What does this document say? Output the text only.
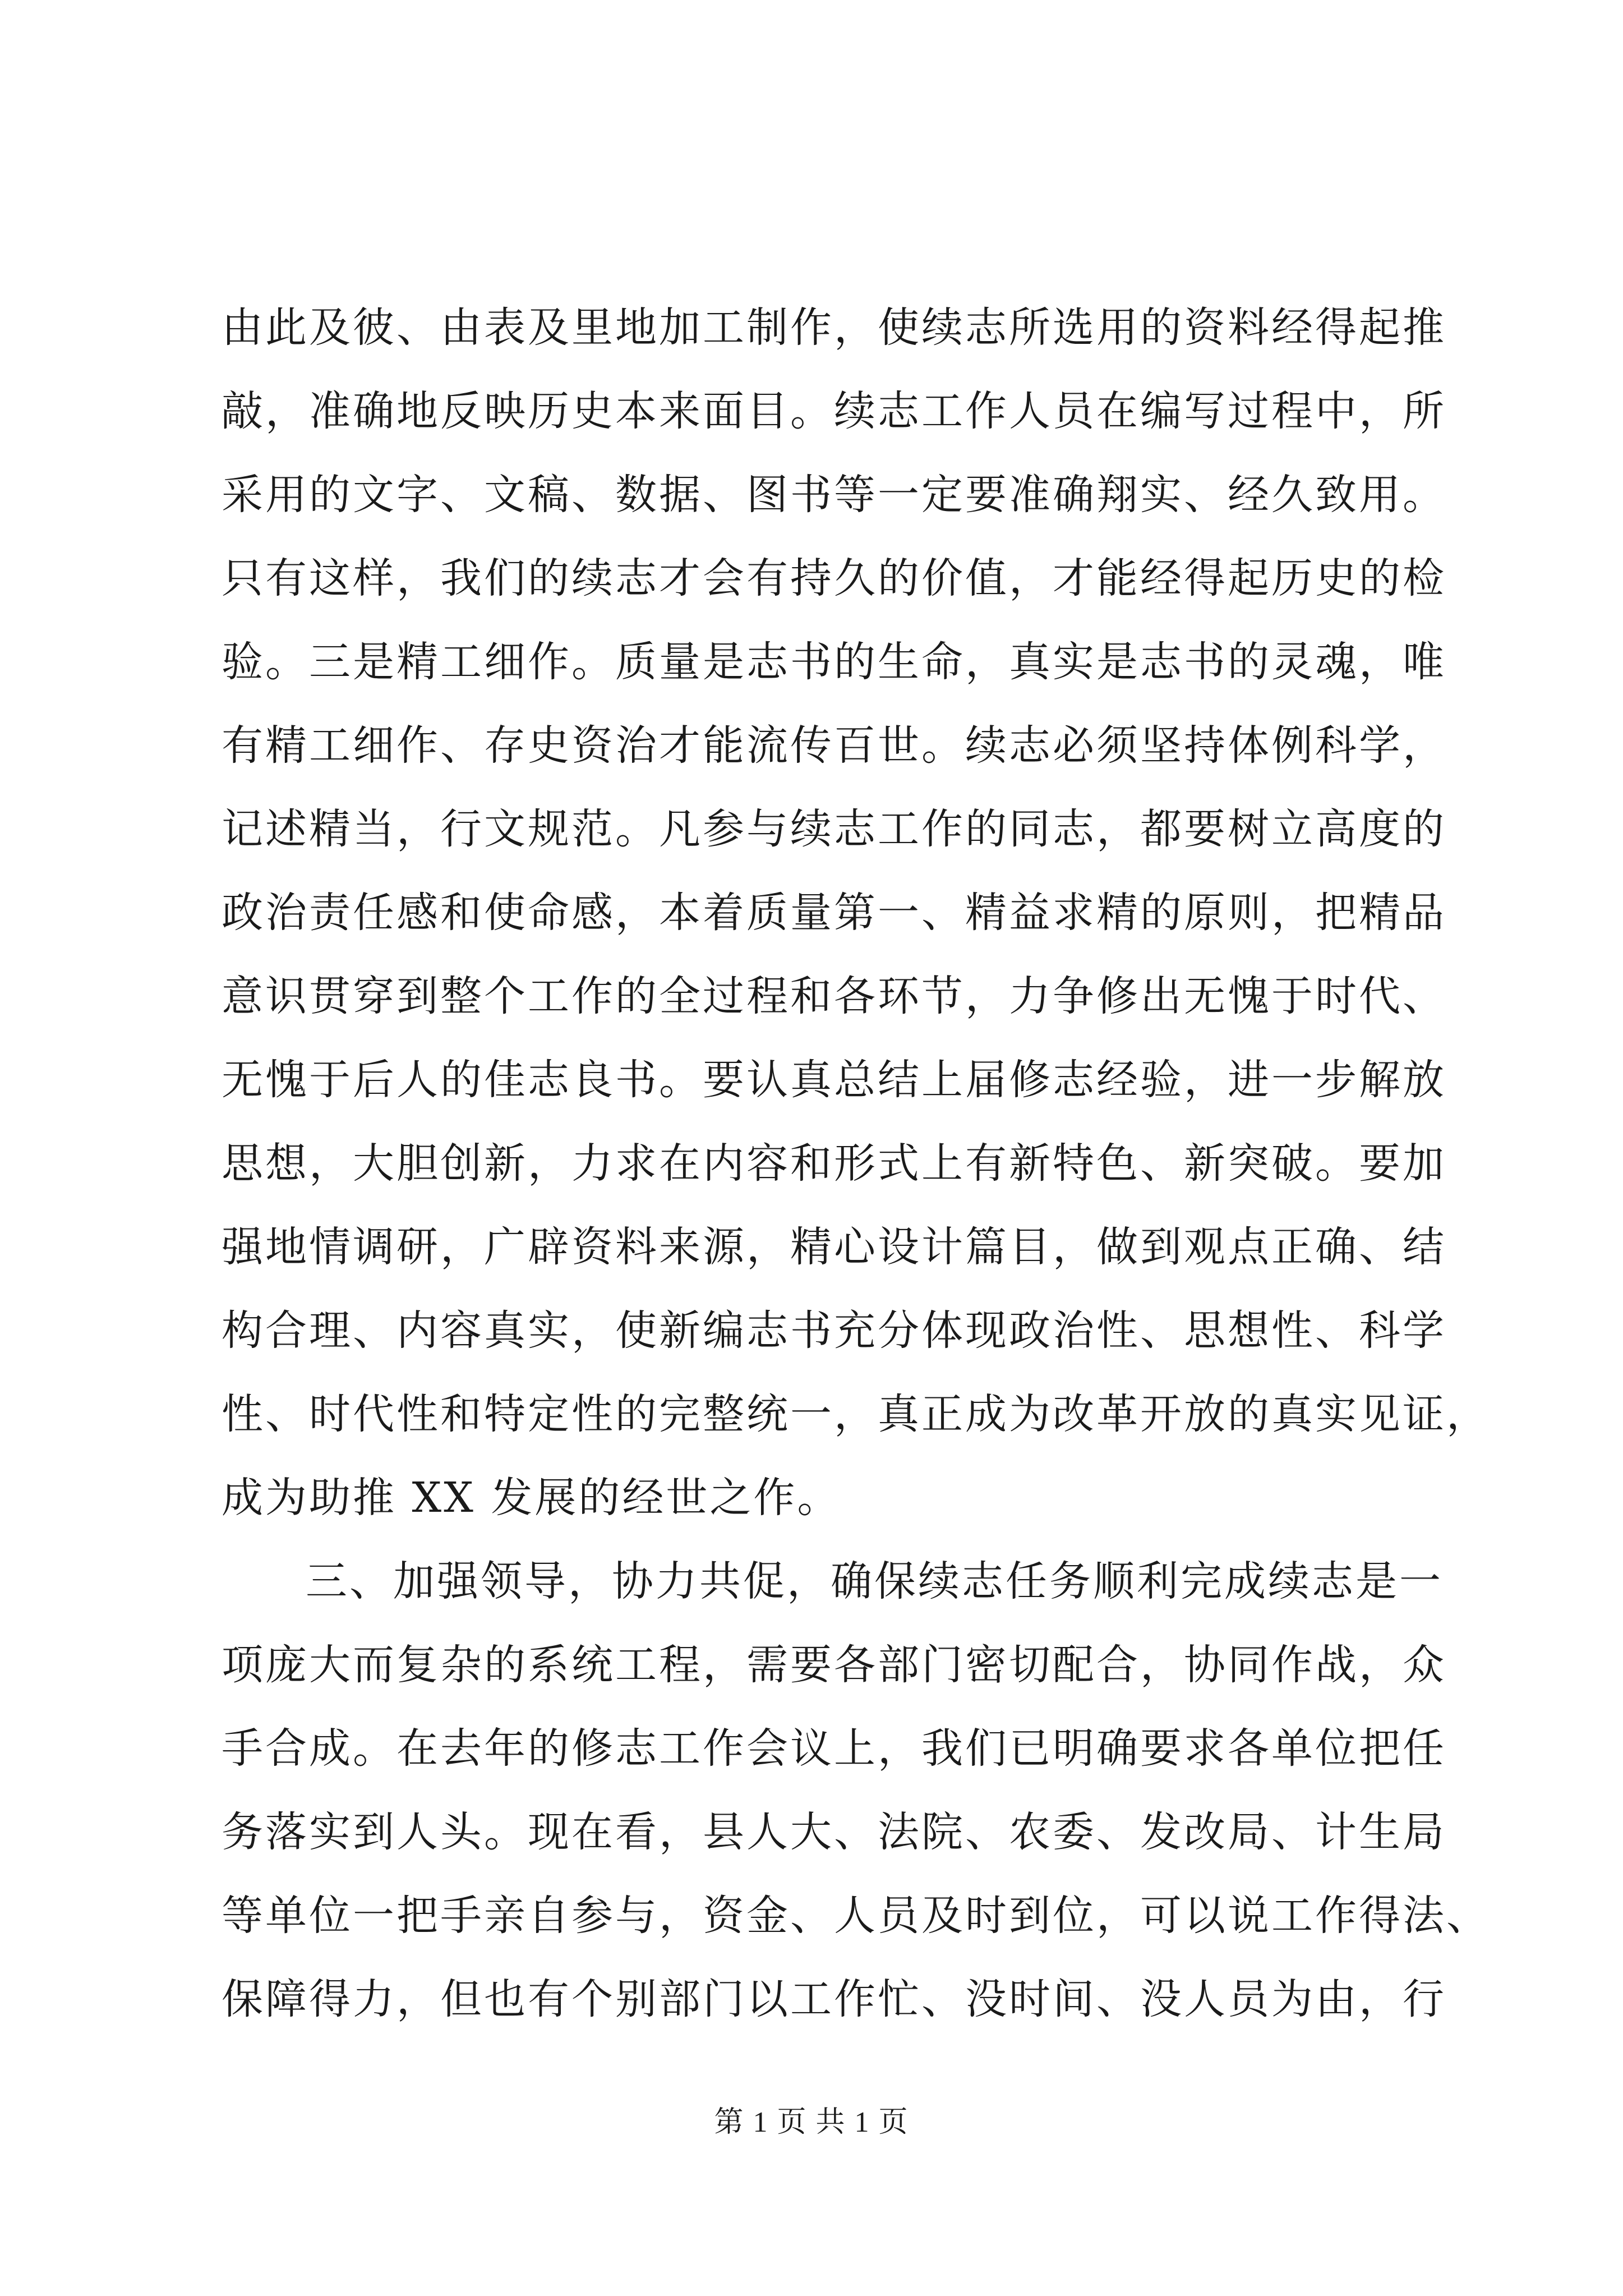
由此及彼、由表及里地加工制作，使续志所选用的资料经得起推
敲，准确地反映历史本来面目。续志工作人员在编写过程中，所
采用的文字、文稿、数据、图书等一定要准确翔实、经久致用。
只有这样，我们的续志才会有持久的价值，才能经得起历史的检
验。三是精工细作。质量是志书的生命，真实是志书的灵魂，唯
有精工细作、存史资治才能流传百世。续志必须坚持体例科学，
记述精当，行文规范。凡参与续志工作的同志，都要树立高度的
政治责任感和使命感，本着质量第一、精益求精的原则，把精品
意识贯穿到整个工作的全过程和各环节，力争修出无愧于时代、
无愧于后人的佳志良书。要认真总结上届修志经验，进一步解放
思想，大胆创新，力求在内容和形式上有新特色、新突破。要加
强地情调研，广辟资料来源，精心设计篇目，做到观点正确、结
构合理、内容真实，使新编志书充分体现政治性、思想性、科学
性、时代性和特定性的完整统一，真正成为改革开放的真实见证，
成为助推 XX 发展的经世之作。
三、加强领导，协力共促，确保续志任务顺利完成续志是一
项庞大而复杂的系统工程，需要各部门密切配合，协同作战，众
手合成。在去年的修志工作会议上，我们已明确要求各单位把任
务落实到人头。现在看，县人大、法院、农委、发改局、计生局
等单位一把手亲自参与，资金、人员及时到位，可以说工作得法、
保障得力，但也有个别部门以工作忙、没时间、没人员为由，行
第 1 页 共 1 页
